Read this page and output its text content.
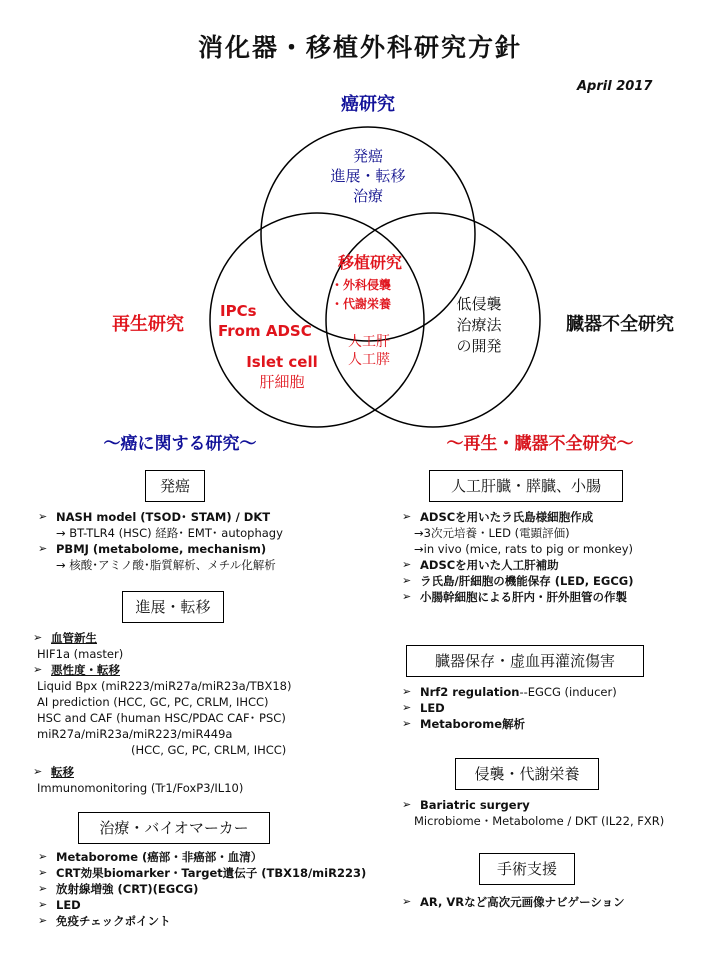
消化器・移植外科研究方針
April 2017
癌研究
再生研究	臓器不全研究
発癌
進展・転移
治療
移植研究
・外科侵襲
・代謝栄養
IPCs
From ADSC
Islet cell
肝細胞
人工肝
人工膵
低侵襲
治療法
の開発
～癌に関する研究～	～再生・臓器不全研究～
発癌
➢ NASH model (TSOD･ STAM) / DKT
→ BT-TLR4 (HSC) 経路･ EMT･ autophagy
➢ PBMJ (metabolome, mechanism)
→ 核酸･アミノ酸･脂質解析、メチル化解析
進展・転移
➢ 血管新生
HIF1a (master)
➢ 悪性度・転移
Liquid Bpx (miR223/miR27a/miR23a/TBX18)
AI prediction (HCC, GC, PC, CRLM, IHCC)
HSC and CAF (human HSC/PDAC CAF･ PSC)
miR27a/miR23a/miR223/miR449a
(HCC, GC, PC, CRLM, IHCC)
➢ 転移
Immunomonitoring (Tr1/FoxP3/IL10)
治療・バイオマーカー
➢ Metaborome (癌部・非癌部・血清）
➢ CRT効果biomarker・Target遺伝子 (TBX18/miR223)
➢ 放射線増強 (CRT)(EGCG)
➢ LED
➢ 免疫チェックポイント
人工肝臓・膵臓、小腸
➢ ADSCを用いたラ氏島様細胞作成
→3次元培養・LED (電顕評価)
→in vivo (mice, rats to pig or monkey)
➢ ADSCを用いた人工肝補助
➢ ラ氏島/肝細胞の機能保存 (LED, EGCG)
➢ 小腸幹細胞による肝内・肝外胆管の作製
臓器保存・虚血再灌流傷害
➢ Nrf2 regulation--EGCG (inducer)
➢ LED
➢ Metaborome解析
侵襲・代謝栄養
➢ Bariatric surgery
Microbiome・Metabolome / DKT (IL22, FXR)
手術支援
➢ AR, VRなど高次元画像ナビゲーション
